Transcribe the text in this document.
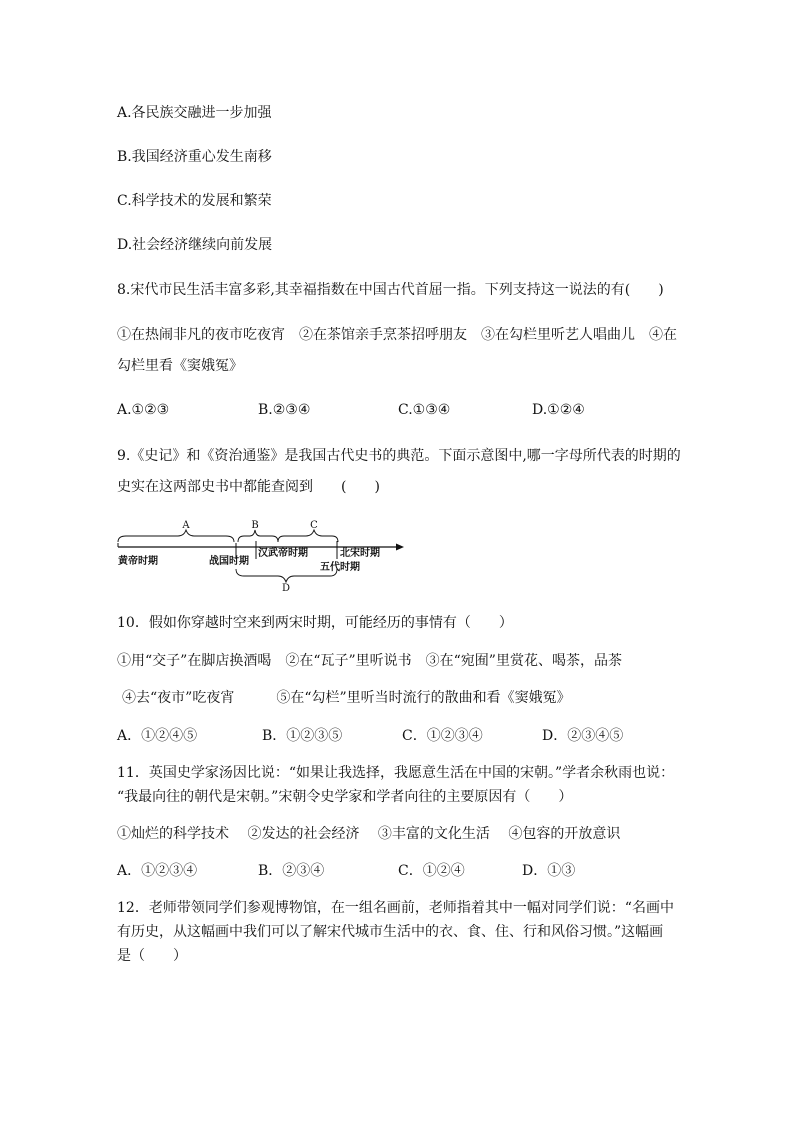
A.各民族交融进一步加强
B.我国经济重心发生南移
C.科学技术的发展和繁荣
D.社会经济继续向前发展
8.宋代市民生活丰富多彩,其幸福指数在中国古代首屈一指。下列支持这一说法的有(　　)
①在热闹非凡的夜市吃夜宵　②在茶馆亲手烹茶招呼朋友　③在勾栏里听艺人唱曲儿　④在
勾栏里看《窦娥冤》
A.①②③	B.②③④	C.①③④	D.①②④
9.《史记》和《资治通鉴》是我国古代史书的典范。下面示意图中,哪一字母所代表的时期的
史实在这两部史书中都能查阅到　　(　　)
A	B	C
D
黄帝时期	战国时期
汉武帝时期
五代时期
北宋时期
10．假如你穿越时空来到两宋时期，可能经历的事情有（　　）
①用“交子”在脚店换酒喝　②在“瓦子”里听说书　③在“宛囿”里赏花、喝茶，品茶
④去“夜市”吃夜宵　　　⑤在“勾栏”里听当时流行的散曲和看《窦娥冤》
A．①②④⑤	B．①②③⑤	C．①②③④	D．②③④⑤
11．英国史学家汤因比说：“如果让我选择，我愿意生活在中国的宋朝。”学者余秋雨也说：
“我最向往的朝代是宋朝。”宋朝令史学家和学者向往的主要原因有（　　）
①灿烂的科学技术　 ②发达的社会经济　 ③丰富的文化生活　 ④包容的开放意识
A．①②③④	B．②③④	C．①②④	D．①③
12．老师带领同学们参观博物馆，在一组名画前，老师指着其中一幅对同学们说：“名画中
有历史，从这幅画中我们可以了解宋代城市生活中的衣、食、住、行和风俗习惯。”这幅画
是（　　）
